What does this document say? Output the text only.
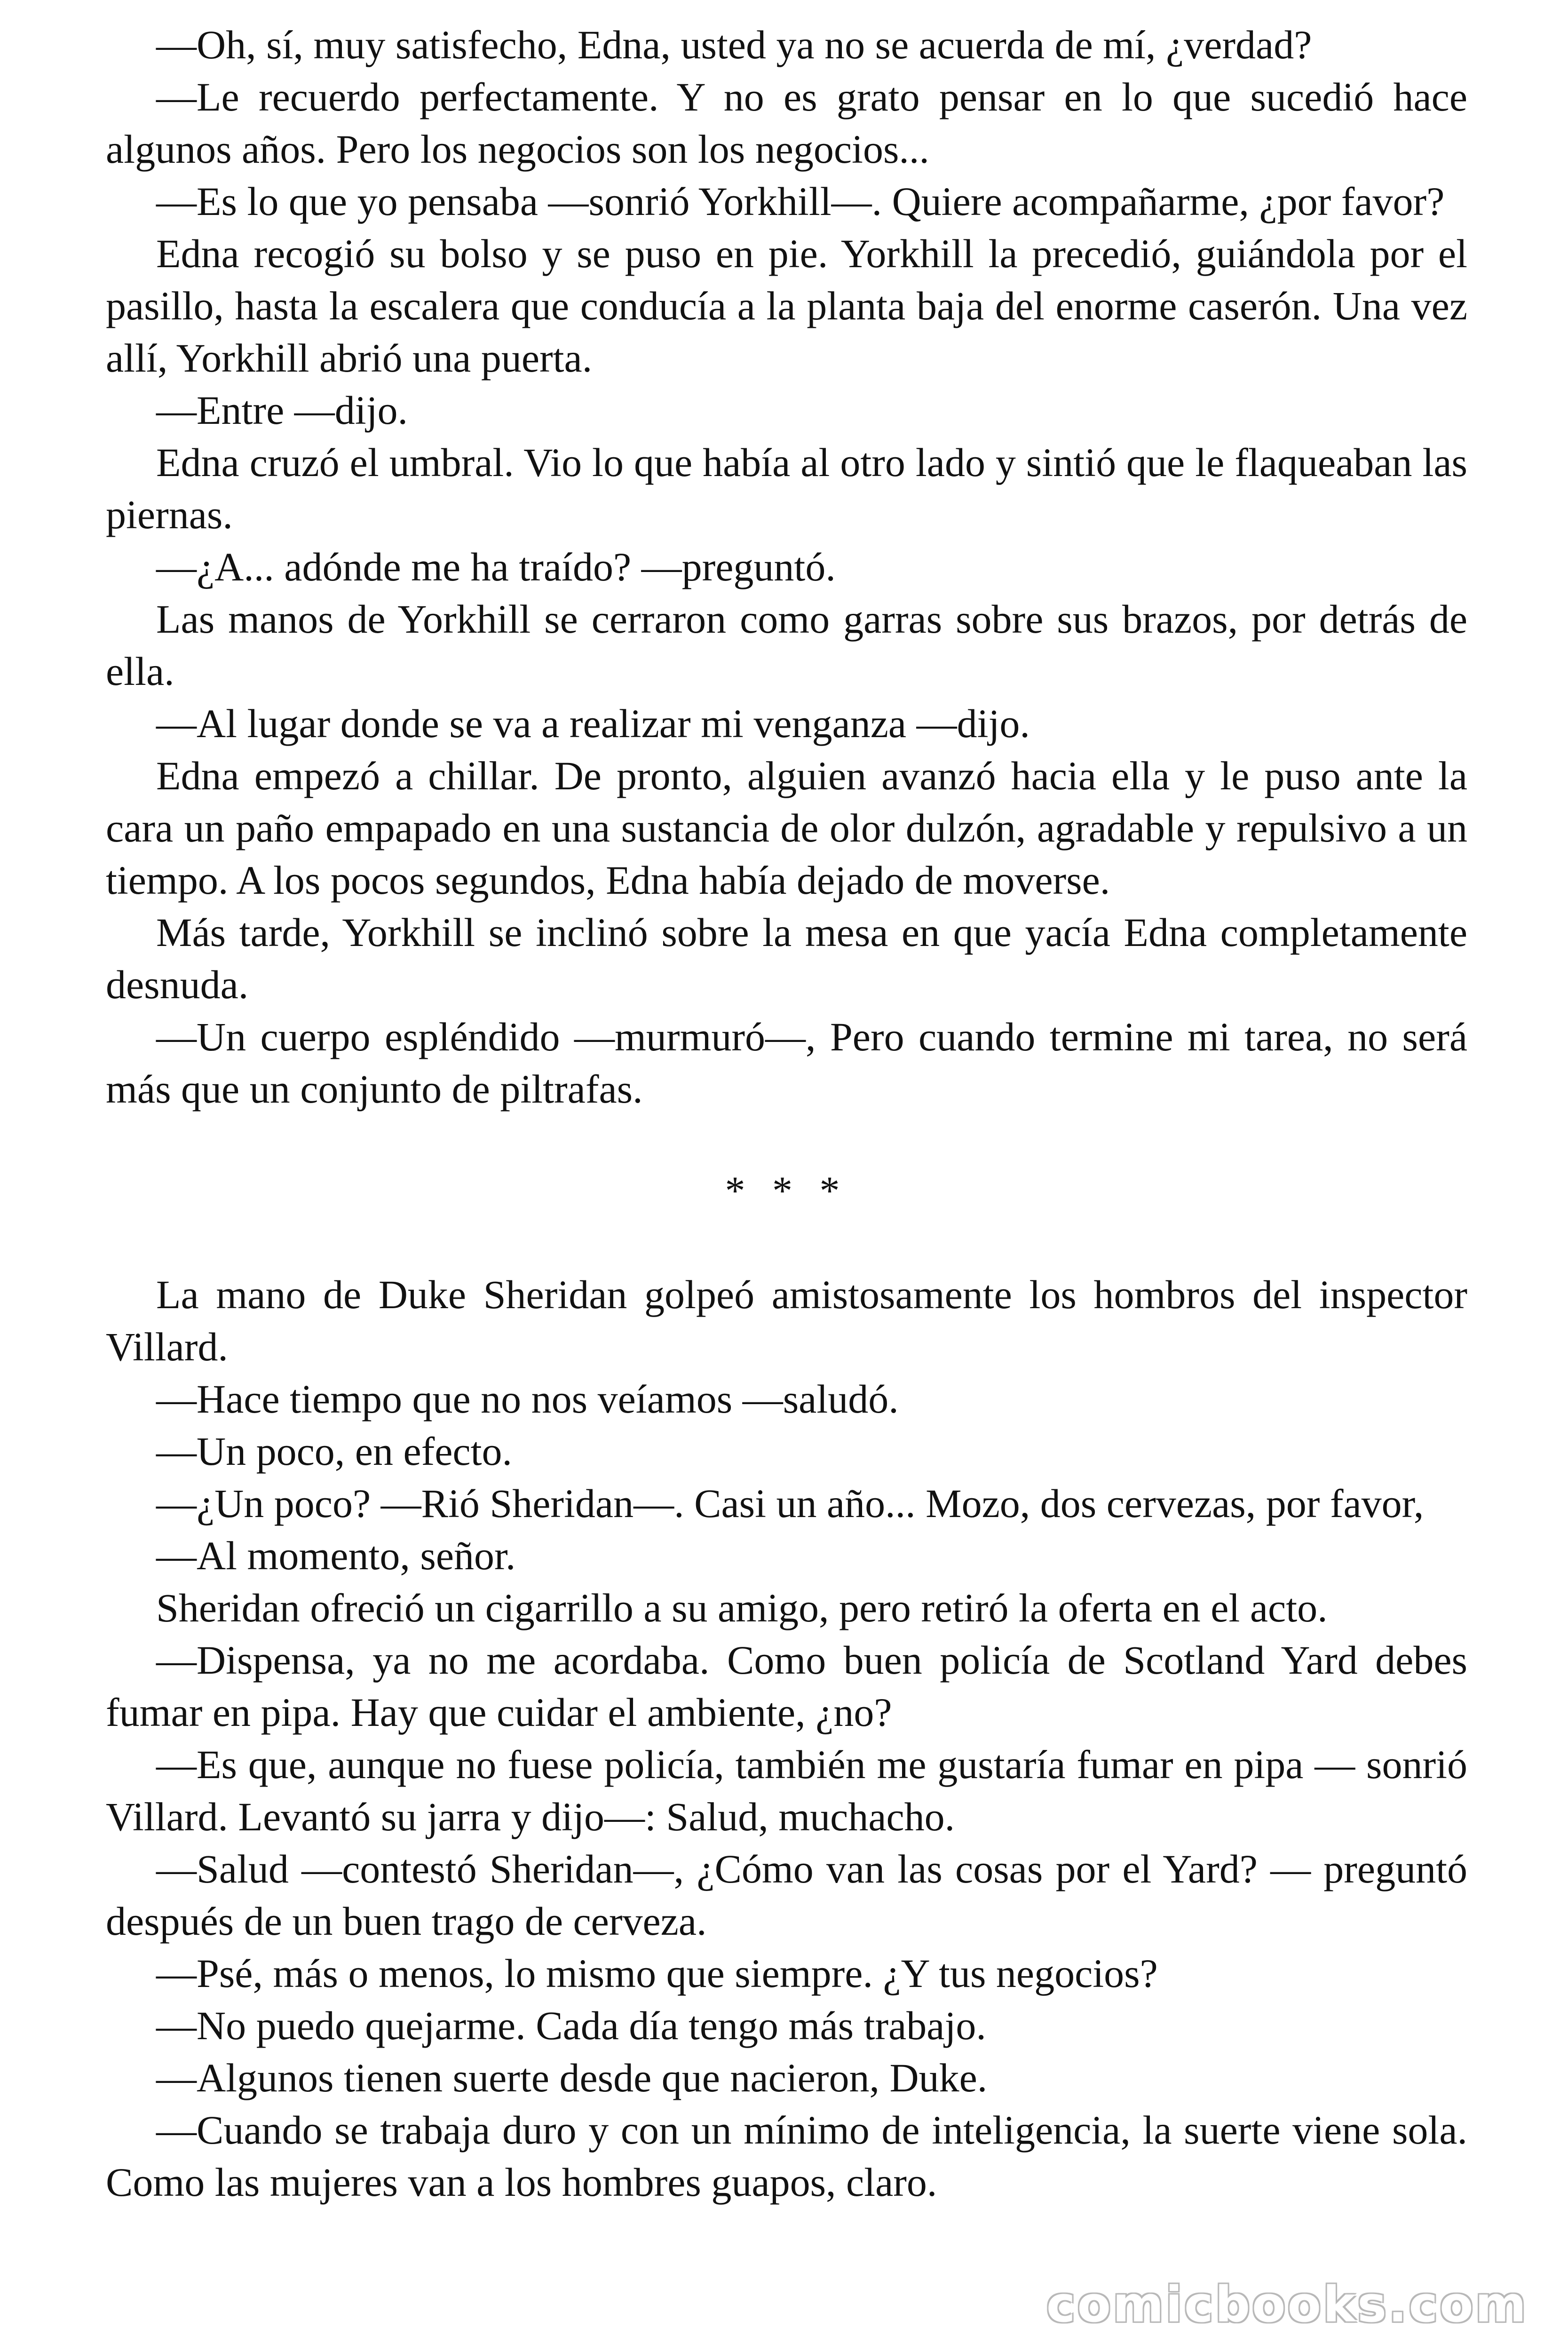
—Oh, sí, muy satisfecho, Edna, usted ya no se acuerda de mí, ¿verdad?

—Le recuerdo perfectamente. Y no es grato pensar en lo que sucedió hace algunos años. Pero los negocios son los negocios...

—Es lo que yo pensaba —sonrió Yorkhill—. Quiere acompañarme, ¿por favor?

Edna recogió su bolso y se puso en pie. Yorkhill la precedió, guiándola por el pasillo, hasta la escalera que conducía a la planta baja del enorme caserón. Una vez allí, Yorkhill abrió una puerta.

—Entre —dijo.

Edna cruzó el umbral. Vio lo que había al otro lado y sintió que le flaqueaban las piernas.

—¿A... adónde me ha traído? —preguntó.

Las manos de Yorkhill se cerraron como garras sobre sus brazos, por detrás de ella.

—Al lugar donde se va a realizar mi venganza —dijo.

Edna empezó a chillar. De pronto, alguien avanzó hacia ella y le puso ante la cara un paño empapado en una sustancia de olor dulzón, agradable y repulsivo a un tiempo. A los pocos segundos, Edna había dejado de moverse.

Más tarde, Yorkhill se inclinó sobre la mesa en que yacía Edna completamente desnuda.

—Un cuerpo espléndido —murmuró—, Pero cuando termine mi tarea, no será más que un conjunto de piltrafas.

* * *

La mano de Duke Sheridan golpeó amistosamente los hombros del inspector Villard.

—Hace tiempo que no nos veíamos —saludó.

—Un poco, en efecto.

—¿Un poco? —Rió Sheridan—. Casi un año... Mozo, dos cervezas, por favor,

—Al momento, señor.

Sheridan ofreció un cigarrillo a su amigo, pero retiró la oferta en el acto.

—Dispensa, ya no me acordaba. Como buen policía de Scotland Yard debes fumar en pipa. Hay que cuidar el ambiente, ¿no?

—Es que, aunque no fuese policía, también me gustaría fumar en pipa — sonrió Villard. Levantó su jarra y dijo—: Salud, muchacho.

—Salud —contestó Sheridan—, ¿Cómo van las cosas por el Yard? — preguntó después de un buen trago de cerveza.

—Psé, más o menos, lo mismo que siempre. ¿Y tus negocios?

—No puedo quejarme. Cada día tengo más trabajo.

—Algunos tienen suerte desde que nacieron, Duke.

—Cuando se trabaja duro y con un mínimo de inteligencia, la suerte viene sola. Como las mujeres van a los hombres guapos, claro.

comicbooks.com
